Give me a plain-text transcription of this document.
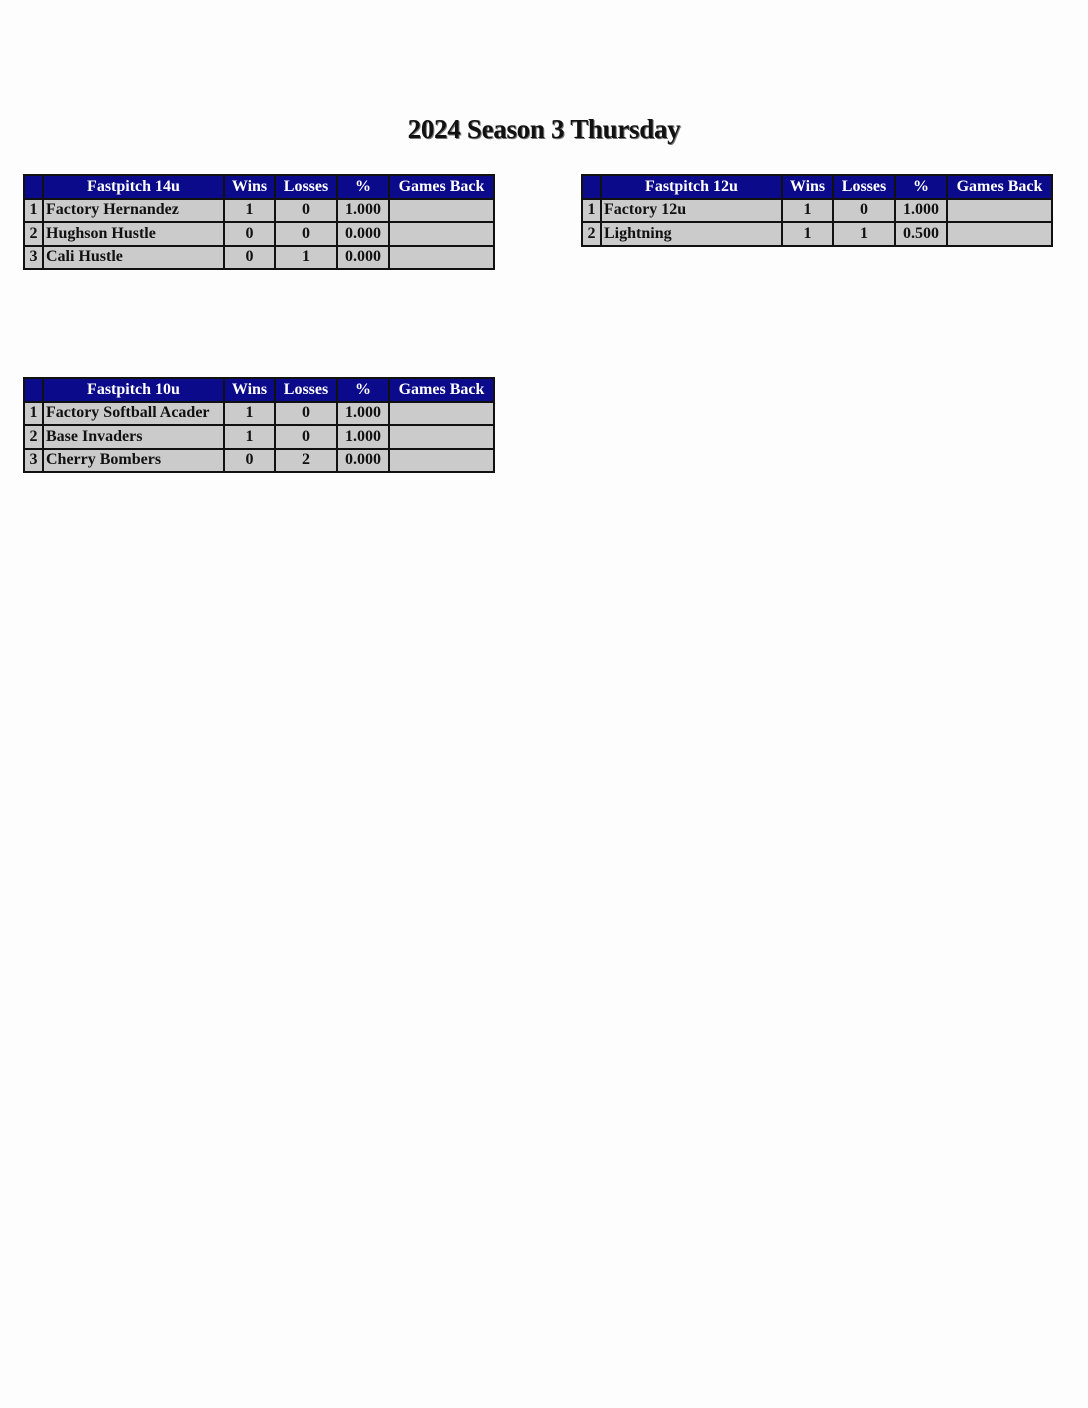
2024 Season 3 Thursday
	Fastpitch 14u	Wins	Losses	%	Games Back
1	Factory Hernandez	1	0	1.000	
2	Hughson Hustle	0	0	0.000	
3	Cali Hustle	0	1	0.000	
	Fastpitch 12u	Wins	Losses	%	Games Back
1	Factory 12u	1	0	1.000	
2	Lightning	1	1	0.500	
	Fastpitch 10u	Wins	Losses	%	Games Back
1	Factory Softball Acader	1	0	1.000	
2	Base Invaders	1	0	1.000	
3	Cherry Bombers	0	2	0.000	
